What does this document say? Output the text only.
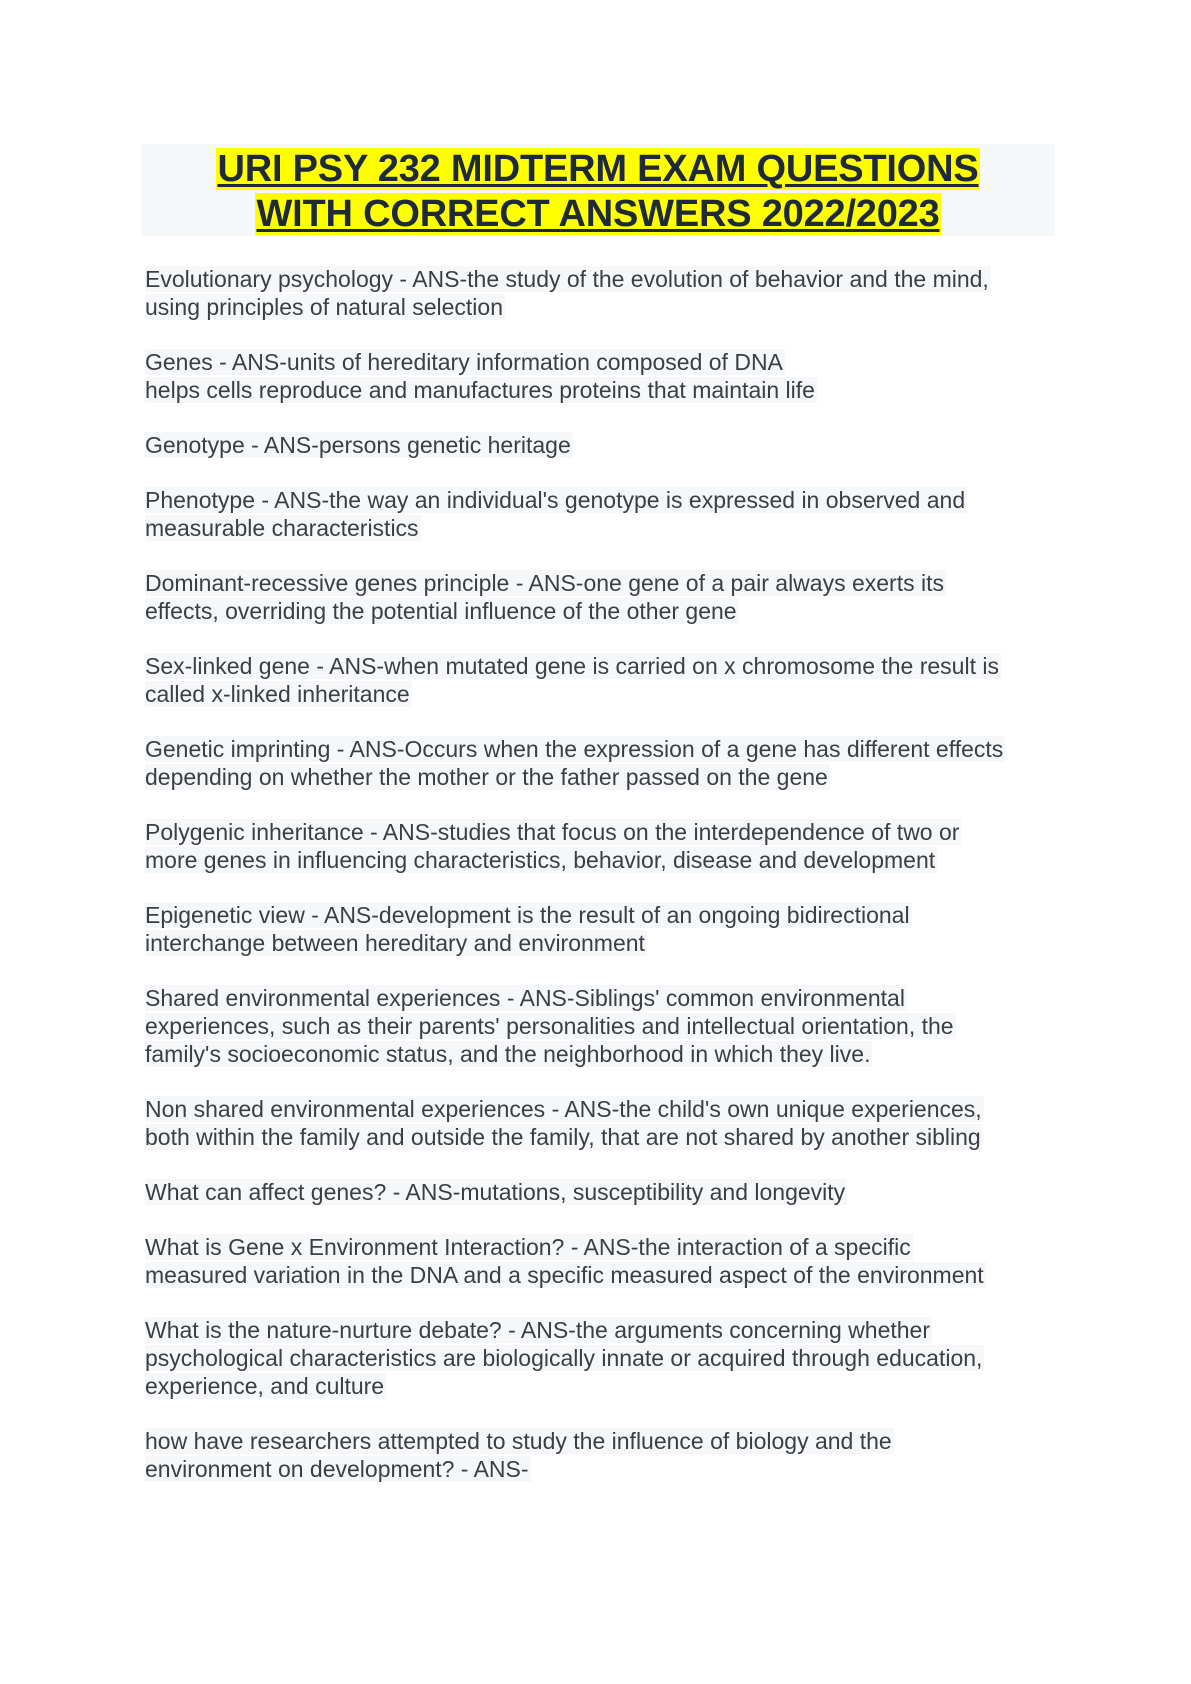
URI PSY 232 MIDTERM EXAM QUESTIONS
WITH CORRECT ANSWERS 2022/2023
Evolutionary psychology - ANS-the study of the evolution of behavior and the mind,
using principles of natural selection
Genes - ANS-units of hereditary information composed of DNA
helps cells reproduce and manufactures proteins that maintain life
Genotype - ANS-persons genetic heritage
Phenotype - ANS-the way an individual's genotype is expressed in observed and
measurable characteristics
Dominant-recessive genes principle - ANS-one gene of a pair always exerts its
effects, overriding the potential influence of the other gene
Sex-linked gene - ANS-when mutated gene is carried on x chromosome the result is
called x-linked inheritance
Genetic imprinting - ANS-Occurs when the expression of a gene has different effects
depending on whether the mother or the father passed on the gene
Polygenic inheritance - ANS-studies that focus on the interdependence of two or
more genes in influencing characteristics, behavior, disease and development
Epigenetic view - ANS-development is the result of an ongoing bidirectional
interchange between hereditary and environment
Shared environmental experiences - ANS-Siblings' common environmental
experiences, such as their parents' personalities and intellectual orientation, the
family's socioeconomic status, and the neighborhood in which they live.
Non shared environmental experiences - ANS-the child's own unique experiences,
both within the family and outside the family, that are not shared by another sibling
What can affect genes? - ANS-mutations, susceptibility and longevity
What is Gene x Environment Interaction? - ANS-the interaction of a specific
measured variation in the DNA and a specific measured aspect of the environment
What is the nature-nurture debate? - ANS-the arguments concerning whether
psychological characteristics are biologically innate or acquired through education,
experience, and culture
how have researchers attempted to study the influence of biology and the
environment on development? - ANS-
